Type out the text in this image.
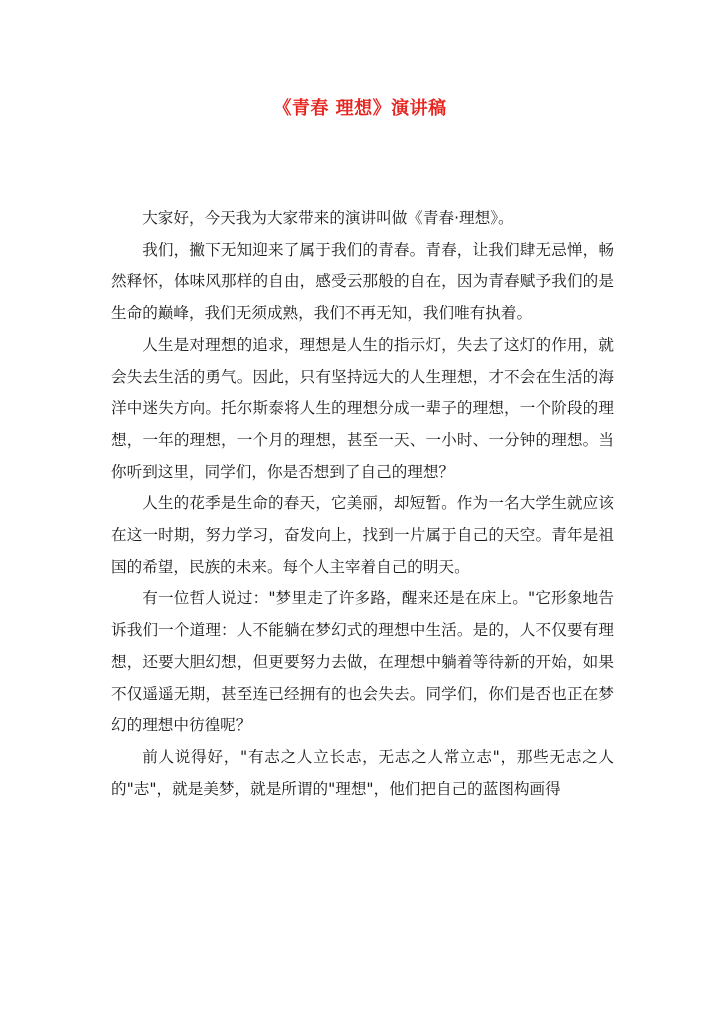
《青春 理想》演讲稿

大家好，今天我为大家带来的演讲叫做《青春·理想》。

我们，撇下无知迎来了属于我们的青春。青春，让我们肆无忌惮，畅然释怀，体味风那样的自由，感受云那般的自在，因为青春赋予我们的是生命的巅峰，我们无须成熟，我们不再无知，我们唯有执着。

人生是对理想的追求，理想是人生的指示灯，失去了这灯的作用，就会失去生活的勇气。因此，只有坚持远大的人生理想，才不会在生活的海洋中迷失方向。托尔斯泰将人生的理想分成一辈子的理想，一个阶段的理想，一年的理想，一个月的理想，甚至一天、一小时、一分钟的理想。当你听到这里，同学们，你是否想到了自己的理想？

人生的花季是生命的春天，它美丽，却短暂。作为一名大学生就应该在这一时期，努力学习，奋发向上，找到一片属于自己的天空。青年是祖国的希望，民族的未来。每个人主宰着自己的明天。

有一位哲人说过："梦里走了许多路，醒来还是在床上。"它形象地告诉我们一个道理：人不能躺在梦幻式的理想中生活。是的，人不仅要有理想，还要大胆幻想，但更要努力去做，在理想中躺着等待新的开始，如果不仅遥遥无期，甚至连已经拥有的也会失去。同学们，你们是否也正在梦幻的理想中彷徨呢？

前人说得好，"有志之人立长志，无志之人常立志"，那些无志之人的"志"，就是美梦，就是所谓的"理想"，他们把自己的蓝图构画得
